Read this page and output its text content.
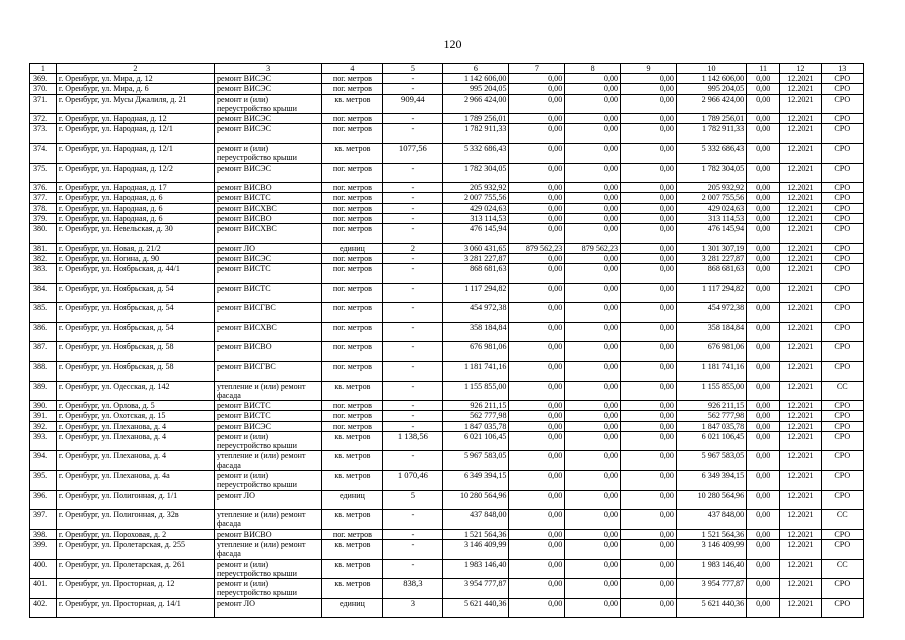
120
1	2	3	4	5	6	7	8	9	10	11	12	13
369.	г. Оренбург, ул. Мира, д. 12	ремонт ВИСЭС	пог. метров	-	1 142 606,00	0,00	0,00	0,00	1 142 606,00	0,00	12.2021	СРО
370.	г. Оренбург, ул. Мира, д. 6	ремонт ВИСЭС	пог. метров	-	995 204,05	0,00	0,00	0,00	995 204,05	0,00	12.2021	СРО
371.	г. Оренбург, ул. Мусы Джалиля, д. 21	ремонт и (или) переустройство крыши	кв. метров	909,44	2 966 424,00	0,00	0,00	0,00	2 966 424,00	0,00	12.2021	СРО
372.	г. Оренбург, ул. Народная, д. 12	ремонт ВИСЭС	пог. метров	-	1 789 256,01	0,00	0,00	0,00	1 789 256,01	0,00	12.2021	СРО
373.	г. Оренбург, ул. Народная, д. 12/1	ремонт ВИСЭС	пог. метров	-	1 782 911,33	0,00	0,00	0,00	1 782 911,33	0,00	12.2021	СРО
374.	г. Оренбург, ул. Народная, д. 12/1	ремонт и (или) переустройство крыши	кв. метров	1077,56	5 332 686,43	0,00	0,00	0,00	5 332 686,43	0,00	12.2021	СРО
375.	г. Оренбург, ул. Народная, д. 12/2	ремонт ВИСЭС	пог. метров	-	1 782 304,05	0,00	0,00	0,00	1 782 304,05	0,00	12.2021	СРО
376.	г. Оренбург, ул. Народная, д. 17	ремонт ВИСВО	пог. метров	-	205 932,92	0,00	0,00	0,00	205 932,92	0,00	12.2021	СРО
377.	г. Оренбург, ул. Народная, д. 6	ремонт ВИСТС	пог. метров	-	2 007 755,56	0,00	0,00	0,00	2 007 755,56	0,00	12.2021	СРО
378.	г. Оренбург, ул. Народная, д. 6	ремонт ВИСХВС	пог. метров	-	429 024,63	0,00	0,00	0,00	429 024,63	0,00	12.2021	СРО
379.	г. Оренбург, ул. Народная, д. 6	ремонт ВИСВО	пог. метров	-	313 114,53	0,00	0,00	0,00	313 114,53	0,00	12.2021	СРО
380.	г. Оренбург, ул. Невельская, д. 30	ремонт ВИСХВС	пог. метров	-	476 145,94	0,00	0,00	0,00	476 145,94	0,00	12.2021	СРО
381.	г. Оренбург, ул. Новая, д. 21/2	ремонт ЛО	единиц	2	3 060 431,65	879 562,23	879 562,23	0,00	1 301 307,19	0,00	12.2021	СРО
382.	г. Оренбург, ул. Ногина, д. 90	ремонт ВИСЭС	пог. метров	-	3 281 227,87	0,00	0,00	0,00	3 281 227,87	0,00	12.2021	СРО
383.	г. Оренбург, ул. Ноябрьская, д. 44/1	ремонт ВИСТС	пог. метров	-	868 681,63	0,00	0,00	0,00	868 681,63	0,00	12.2021	СРО
384.	г. Оренбург, ул. Ноябрьская, д. 54	ремонт ВИСТС	пог. метров	-	1 117 294,82	0,00	0,00	0,00	1 117 294,82	0,00	12.2021	СРО
385.	г. Оренбург, ул. Ноябрьская, д. 54	ремонт ВИСГВС	пог. метров	-	454 972,38	0,00	0,00	0,00	454 972,38	0,00	12.2021	СРО
386.	г. Оренбург, ул. Ноябрьская, д. 54	ремонт ВИСХВС	пог. метров	-	358 184,84	0,00	0,00	0,00	358 184,84	0,00	12.2021	СРО
387.	г. Оренбург, ул. Ноябрьская, д. 58	ремонт ВИСВО	пог. метров	-	676 981,06	0,00	0,00	0,00	676 981,06	0,00	12.2021	СРО
388.	г. Оренбург, ул. Ноябрьская, д. 58	ремонт ВИСГВС	пог. метров	-	1 181 741,16	0,00	0,00	0,00	1 181 741,16	0,00	12.2021	СРО
389.	г. Оренбург, ул. Одесская, д. 142	утепление и (или) ремонт фасада	кв. метров	-	1 155 855,00	0,00	0,00	0,00	1 155 855,00	0,00	12.2021	СС
390.	г. Оренбург, ул. Орлова, д. 5	ремонт ВИСТС	пог. метров	-	926 211,15	0,00	0,00	0,00	926 211,15	0,00	12.2021	СРО
391.	г. Оренбург, ул. Охотская, д. 15	ремонт ВИСТС	пог. метров	-	562 777,98	0,00	0,00	0,00	562 777,98	0,00	12.2021	СРО
392.	г. Оренбург, ул. Плеханова, д. 4	ремонт ВИСЭС	пог. метров	-	1 847 035,78	0,00	0,00	0,00	1 847 035,78	0,00	12.2021	СРО
393.	г. Оренбург, ул. Плеханова, д. 4	ремонт и (или) переустройство крыши	кв. метров	1 138,56	6 021 106,45	0,00	0,00	0,00	6 021 106,45	0,00	12.2021	СРО
394.	г. Оренбург, ул. Плеханова, д. 4	утепление и (или) ремонт фасада	кв. метров	-	5 967 583,05	0,00	0,00	0,00	5 967 583,05	0,00	12.2021	СРО
395.	г. Оренбург, ул. Плеханова, д. 4а	ремонт и (или) переустройство крыши	кв. метров	1 070,46	6 349 394,15	0,00	0,00	0,00	6 349 394,15	0,00	12.2021	СРО
396.	г. Оренбург, ул. Полигонная, д. 1/1	ремонт ЛО	единиц	5	10 280 564,96	0,00	0,00	0,00	10 280 564,96	0,00	12.2021	СРО
397.	г. Оренбург, ул. Полигонная, д. 32в	утепление и (или) ремонт фасада	кв. метров	-	437 848,00	0,00	0,00	0,00	437 848,00	0,00	12.2021	СС
398.	г. Оренбург, ул. Пороховая, д. 2	ремонт ВИСВО	пог. метров	-	1 521 564,36	0,00	0,00	0,00	1 521 564,36	0,00	12.2021	СРО
399.	г. Оренбург, ул. Пролетарская, д. 255	утепление и (или) ремонт фасада	кв. метров	-	3 146 409,99	0,00	0,00	0,00	3 146 409,99	0,00	12.2021	СРО
400.	г. Оренбург, ул. Пролетарская, д. 261	ремонт и (или) переустройство крыши	кв. метров	-	1 983 146,40	0,00	0,00	0,00	1 983 146,40	0,00	12.2021	СС
401.	г. Оренбург, ул. Просторная, д. 12	ремонт и (или) переустройство крыши	кв. метров	838,3	3 954 777,87	0,00	0,00	0,00	3 954 777,87	0,00	12.2021	СРО
402.	г. Оренбург, ул. Просторная, д. 14/1	ремонт ЛО	единиц	3	5 621 440,36	0,00	0,00	0,00	5 621 440,36	0,00	12.2021	СРО
